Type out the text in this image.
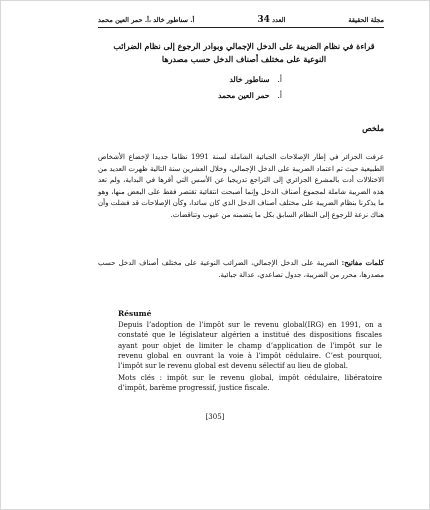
أ. سناطور خالد ،أ. حمر العين محمد	العدد 34	مجلة الحقيقة
قراءة في نظام الضريبة على الدخل الإجمالي وبوادر الرجوع إلى نظام الضرائب النوعية على مختلف أصناف الدخل حسب مصدرها
أ.سناطور خالد
أ.حمر العين محمد
ملخص

عرفت الجزائر في إطار الإصلاحات الجبائية الشاملة لسنة 1991 نظاما جديدا لإخضاع الأشخاص الطبيعية حيث تم اعتماد الضريبة على الدخل الإجمالي، وخلال العشرين سنة التالية ظهرت العديد من الاختلالات أدت بالمشرع الجزائري إلى التراجع تدريجيا عن الأسس التي أقرها في البداية، ولم تعد هذه الضريبة شاملة لمجموع أصناف الدخل وإنما أصبحت انتقائية تقتصر فقط على البعض منها، وهو ما يذكرنا بنظام الضريبة على مختلف أصناف الدخل الذي كان سائدا، وكأن الإصلاحات قد فشلت وأن هناك نزعة للرجوع إلى النظام السابق بكل ما يتضمنه من عيوب وتناقضات.

كلمات مفاتيح: الضريبة على الدخل الإجمالي، الضرائب النوعية على مختلف أصناف الدخل حسب مصدرها، محرر من الضريبة، جدول تصاعدي، عدالة جبائية.
Résumé

Depuis l’adoption de l’impôt sur le revenu global(IRG) en 1991, on a constaté que le législateur algérien a institué des dispositions fiscales ayant pour objet de limiter le champ d’application de l’impôt sur le revenu global en ouvrant la voie à l’impôt cédulaire. C’est pourquoi, l’impôt sur le revenu global est devenu sélectif au lieu de global.

Mots clés : impôt sur le revenu global, impôt cédulaire, libératoire d’impôt, barème progressif, justice fiscale.
[305]
